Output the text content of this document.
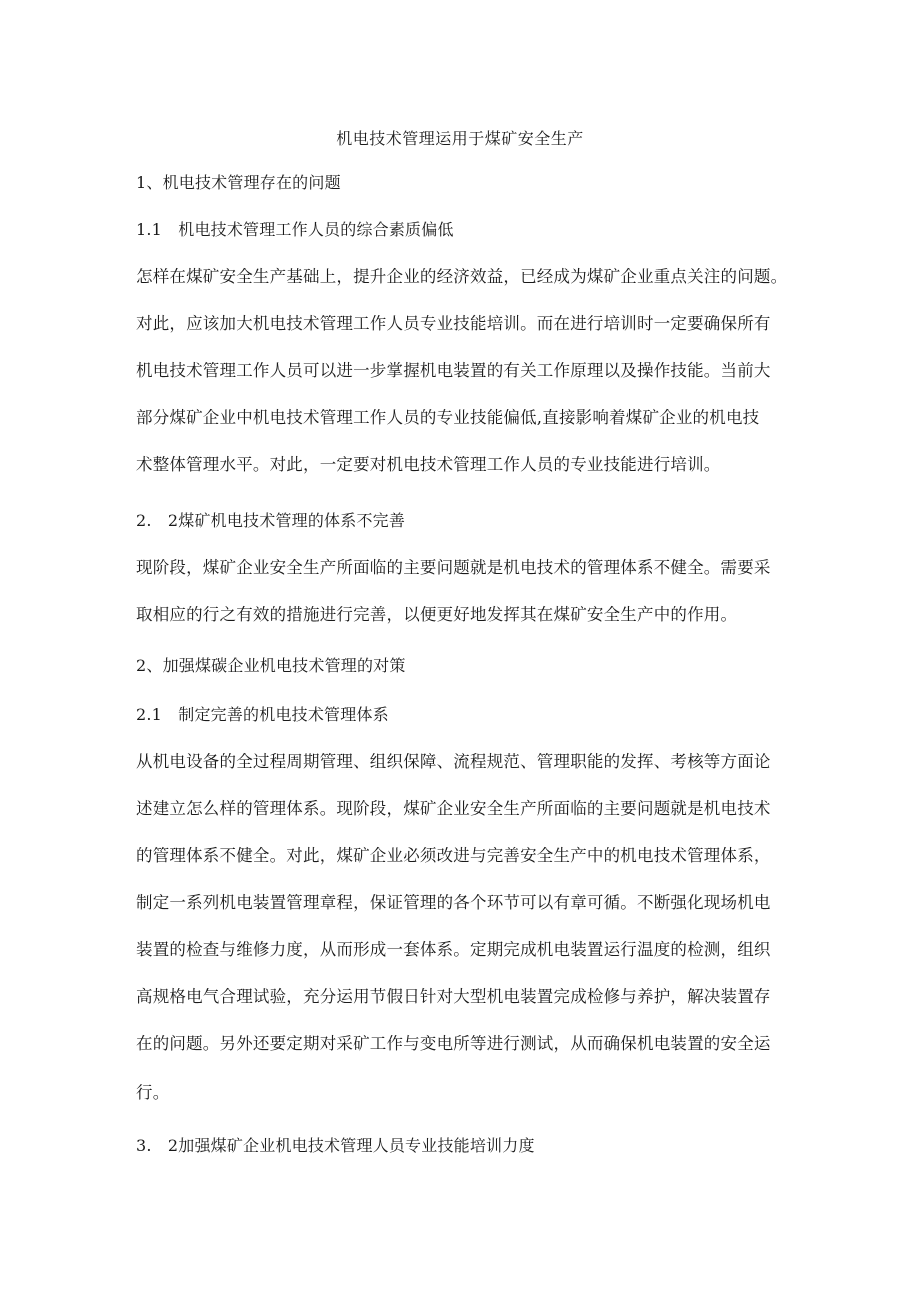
机电技术管理运用于煤矿安全生产
1、机电技术管理存在的问题
1.1　机电技术管理工作人员的综合素质偏低
怎样在煤矿安全生产基础上，提升企业的经济效益，已经成为煤矿企业重点关注的问题。
对此，应该加大机电技术管理工作人员专业技能培训。而在进行培训时一定要确保所有
机电技术管理工作人员可以进一步掌握机电装置的有关工作原理以及操作技能。当前大
部分煤矿企业中机电技术管理工作人员的专业技能偏低,直接影响着煤矿企业的机电技
术整体管理水平。对此，一定要对机电技术管理工作人员的专业技能进行培训。
2.　2煤矿机电技术管理的体系不完善
现阶段，煤矿企业安全生产所面临的主要问题就是机电技术的管理体系不健全。需要采
取相应的行之有效的措施进行完善，以便更好地发挥其在煤矿安全生产中的作用。
2、加强煤碳企业机电技术管理的对策
2.1　制定完善的机电技术管理体系
从机电设备的全过程周期管理、组织保障、流程规范、管理职能的发挥、考核等方面论
述建立怎么样的管理体系。现阶段，煤矿企业安全生产所面临的主要问题就是机电技术
的管理体系不健全。对此，煤矿企业必须改进与完善安全生产中的机电技术管理体系，
制定一系列机电装置管理章程，保证管理的各个环节可以有章可循。不断强化现场机电
装置的检查与维修力度，从而形成一套体系。定期完成机电装置运行温度的检测，组织
高规格电气合理试验，充分运用节假日针对大型机电装置完成检修与养护，解决装置存
在的问题。另外还要定期对采矿工作与变电所等进行测试，从而确保机电装置的安全运
行。
3.　2加强煤矿企业机电技术管理人员专业技能培训力度
